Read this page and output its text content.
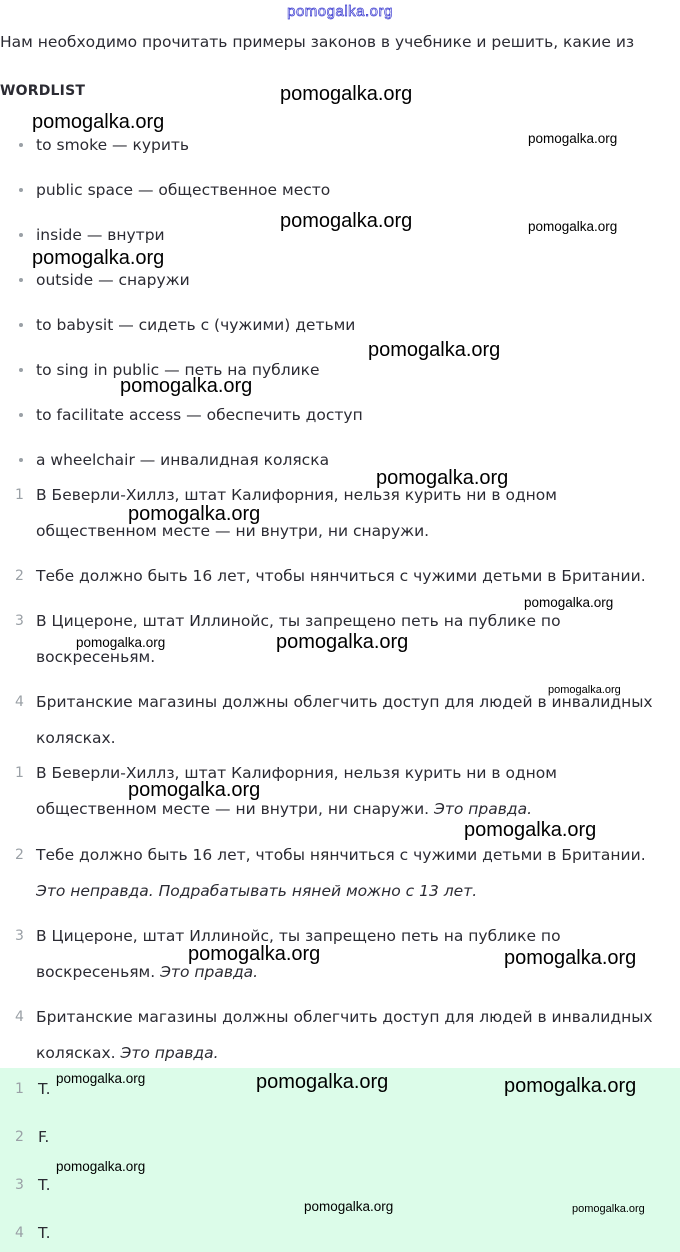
pomogalka.org
Нам необходимо прочитать примеры законов в учебнике и решить, какие из
WORDLIST
to smoke — курить
public space — общественное место
inside — внутри
outside — снаружи
to babysit — сидеть с (чужими) детьми
to sing in public — петь на публике
to facilitate access — обеспечить доступ
a wheelchair — инвалидная коляска
1 В Беверли-Хиллз, штат Калифорния, нельзя курить ни в одном
общественном месте — ни внутри, ни снаружи.
2 Тебе должно быть 16 лет, чтобы нянчиться с чужими детьми в Британии.
3 В Цицероне, штат Иллинойс, ты запрещено петь на публике по
воскресеньям.
4 Британские магазины должны облегчить доступ для людей в инвалидных
колясках.
1 В Беверли-Хиллз, штат Калифорния, нельзя курить ни в одном
общественном месте — ни внутри, ни снаружи. Это правда.
2 Тебе должно быть 16 лет, чтобы нянчиться с чужими детьми в Британии.
Это неправда. Подрабатывать няней можно с 13 лет.
3 В Цицероне, штат Иллинойс, ты запрещено петь на публике по
воскресеньям. Это правда.
4 Британские магазины должны облегчить доступ для людей в инвалидных
колясках. Это правда.
1 T.
2 F.
3 T.
4 T.
pomogalka.org
pomogalka.org
pomogalka.org
pomogalka.org	pomogalka.org
pomogalka.org
pomogalka.org
pomogalka.org
pomogalka.org
pomogalka.org
pomogalka.org
pomogalka.org
pomogalka.org
pomogalka.org
pomogalka.org
pomogalka.org
pomogalka.org	pomogalka.org
pomogalka.org	pomogalka.org	pomogalka.org
pomogalka.org
pomogalka.org	pomogalka.org
